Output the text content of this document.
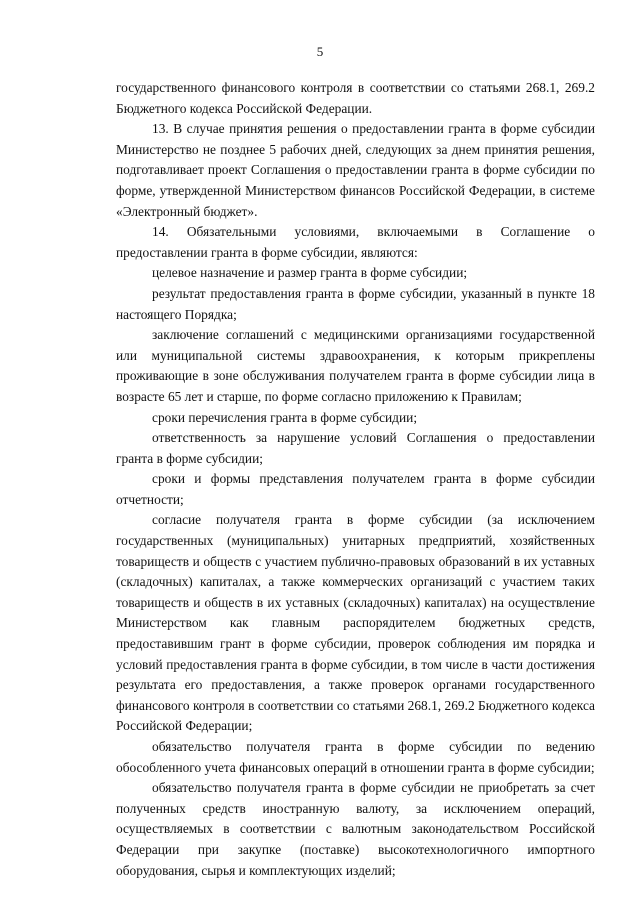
5

государственного финансового контроля в соответствии со статьями 268.1, 269.2 Бюджетного кодекса Российской Федерации.

13. В случае принятия решения о предоставлении гранта в форме субсидии Министерство не позднее 5 рабочих дней, следующих за днем принятия решения, подготавливает проект Соглашения о предоставлении гранта в форме субсидии по форме, утвержденной Министерством финансов Российской Федерации, в системе «Электронный бюджет».

14. Обязательными условиями, включаемыми в Соглашение о предоставлении гранта в форме субсидии, являются:

целевое назначение и размер гранта в форме субсидии;

результат предоставления гранта в форме субсидии, указанный в пункте 18 настоящего Порядка;

заключение соглашений с медицинскими организациями государственной или муниципальной системы здравоохранения, к которым прикреплены проживающие в зоне обслуживания получателем гранта в форме субсидии лица в возрасте 65 лет и старше, по форме согласно приложению к Правилам;

сроки перечисления гранта в форме субсидии;

ответственность за нарушение условий Соглашения о предоставлении гранта в форме субсидии;

сроки и формы представления получателем гранта в форме субсидии отчетности;

согласие получателя гранта в форме субсидии (за исключением государственных (муниципальных) унитарных предприятий, хозяйственных товариществ и обществ с участием публично-правовых образований в их уставных (складочных) капиталах, а также коммерческих организаций с участием таких товариществ и обществ в их уставных (складочных) капиталах) на осуществление Министерством как главным распорядителем бюджетных средств, предоставившим грант в форме субсидии, проверок соблюдения им порядка и условий предоставления гранта в форме субсидии, в том числе в части достижения результата его предоставления, а также проверок органами государственного финансового контроля в соответствии со статьями 268.1, 269.2 Бюджетного кодекса Российской Федерации;

обязательство получателя гранта в форме субсидии по ведению обособленного учета финансовых операций в отношении гранта в форме субсидии;

обязательство получателя гранта в форме субсидии не приобретать за счет полученных средств иностранную валюту, за исключением операций, осуществляемых в соответствии с валютным законодательством Российской Федерации при закупке (поставке) высокотехнологичного импортного оборудования, сырья и комплектующих изделий;
